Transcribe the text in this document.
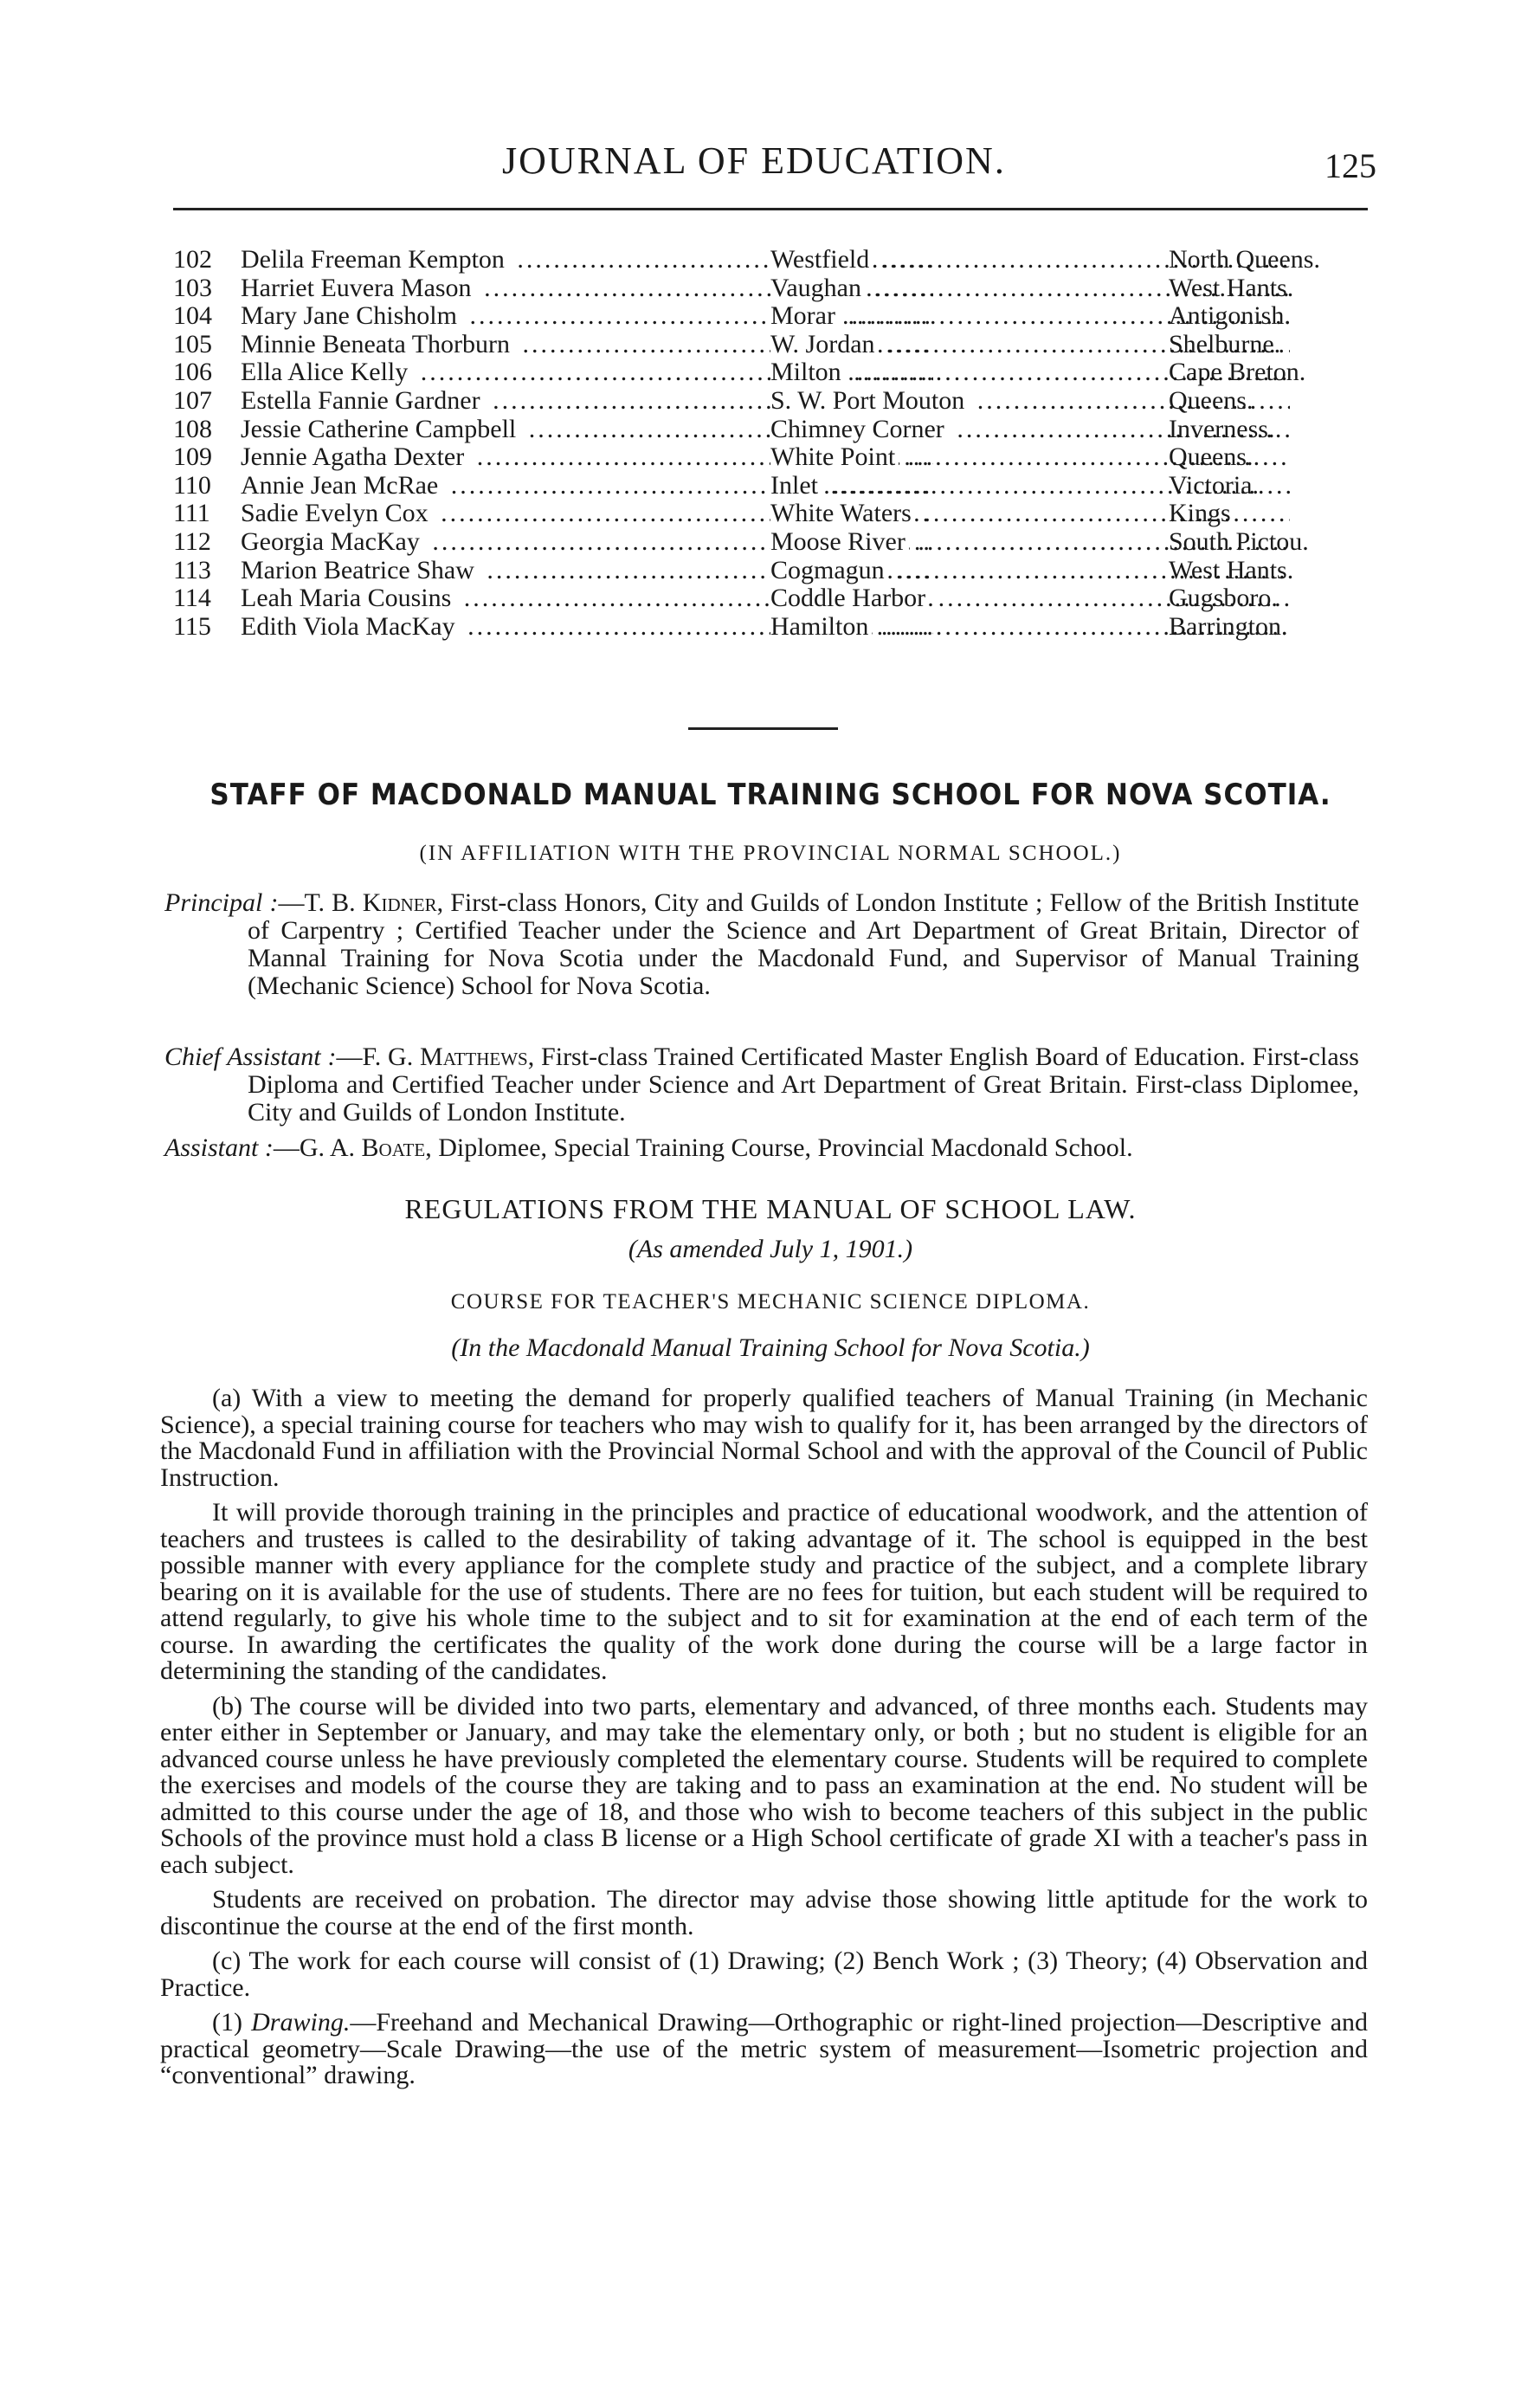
JOURNAL OF EDUCATION.	125
102	Delila Freeman Kempton .....	Westfield .....	North Queens.
103	Harriet Euvera Mason .....	Vaughan .....	West Hants.
104	Mary Jane Chisholm .....	Morar .....	Antigonish.
105	Minnie Beneata Thorburn .....	W. Jordan .....	Shelburne.
106	Ella Alice Kelly .....	Milton .....	Cape Breton.
107	Estella Fannie Gardner .....	S. W. Port Mouton .....	Queens.
108	Jessie Catherine Campbell .....	Chimney Corner .....	Inverness.
109	Jennie Agatha Dexter .....	White Point .....	Queens.
110	Annie Jean McRae .....	Inlet .....	Victoria.
111	Sadie Evelyn Cox .....	White Waters .....	Kings
112	Georgia MacKay .....	Moose River .....	South Pictou.
113	Marion Beatrice Shaw .....	Cogmagun .....	West Hants.
114	Leah Maria Cousins .....	Coddle Harbor .....	Gugsboro.
115	Edith Viola MacKay .....	Hamilton .....	Barrington.
STAFF OF MACDONALD MANUAL TRAINING SCHOOL FOR NOVA SCOTIA.
(IN AFFILIATION WITH THE PROVINCIAL NORMAL SCHOOL.)
Principal :—T. B. Kidner, First-class Honors, City and Guilds of London Institute ; Fellow of the British Institute of Carpentry ; Certified Teacher under the Science and Art Department of Great Britain, Director of Mannal Training for Nova Scotia under the Macdonald Fund, and Supervisor of Manual Training (Mechanic Science) School for Nova Scotia.
Chief Assistant :—F. G. Matthews, First-class Trained Certificated Master English Board of Education. First-class Diploma and Certified Teacher under Science and Art Department of Great Britain. First-class Diplomee, City and Guilds of London Institute.
Assistant :—G. A. Boate, Diplomee, Special Training Course, Provincial Macdonald School.
REGULATIONS FROM THE MANUAL OF SCHOOL LAW.
(As amended July 1, 1901.)
COURSE FOR TEACHER'S MECHANIC SCIENCE DIPLOMA.
(In the Macdonald Manual Training School for Nova Scotia.)

(a) With a view to meeting the demand for properly qualified teachers of Manual Training (in Mechanic Science), a special training course for teachers who may wish to qualify for it, has been arranged by the directors of the Macdonald Fund in affiliation with the Provincial Normal School and with the approval of the Council of Public Instruction.

It will provide thorough training in the principles and practice of educational woodwork, and the attention of teachers and trustees is called to the desirability of taking advantage of it. The school is equipped in the best possible manner with every appliance for the complete study and practice of the subject, and a complete library bearing on it is available for the use of students. There are no fees for tuition, but each student will be required to attend regularly, to give his whole time to the subject and to sit for examination at the end of each term of the course. In awarding the certificates the quality of the work done during the course will be a large factor in determining the standing of the candidates.

(b) The course will be divided into two parts, elementary and advanced, of three months each. Students may enter either in September or January, and may take the elementary only, or both ; but no student is eligible for an advanced course unless he have previously completed the elementary course. Students will be required to complete the exercises and models of the course they are taking and to pass an examination at the end. No student will be admitted to this course under the age of 18, and those who wish to become teachers of this subject in the public Schools of the province must hold a class B license or a High School certificate of grade XI with a teacher's pass in each subject.

Students are received on probation. The director may advise those showing little aptitude for the work to discontinue the course at the end of the first month.

(c) The work for each course will consist of (1) Drawing; (2) Bench Work ; (3) Theory; (4) Observation and Practice.

(1) Drawing.—Freehand and Mechanical Drawing—Orthographic or right-lined projection—Descriptive and practical geometry—Scale Drawing—the use of the metric system of measurement—Isometric projection and “conventional” drawing.
